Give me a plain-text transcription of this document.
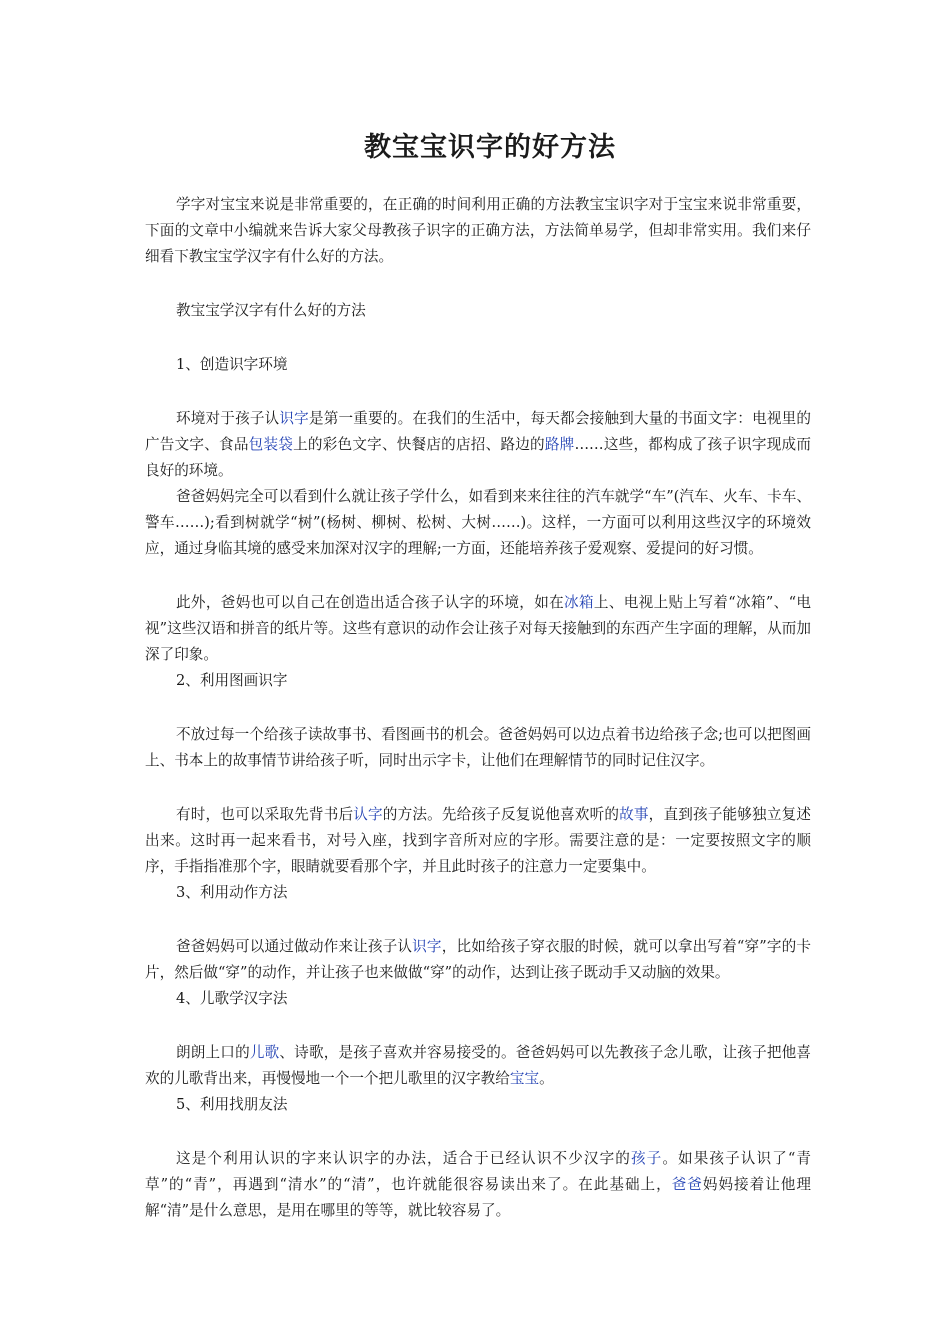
教宝宝识字的好方法

学字对宝宝来说是非常重要的，在正确的时间利用正确的方法教宝宝识字对于宝宝来说非常重要，下面的文章中小编就来告诉大家父母教孩子识字的正确方法，方法简单易学，但却非常实用。我们来仔细看下教宝宝学汉字有什么好的方法。

教宝宝学汉字有什么好的方法

1、创造识字环境

环境对于孩子认识字是第一重要的。在我们的生活中，每天都会接触到大量的书面文字：电视里的广告文字、食品包装袋上的彩色文字、快餐店的店招、路边的路牌……这些，都构成了孩子识字现成而良好的环境。

爸爸妈妈完全可以看到什么就让孩子学什么，如看到来来往往的汽车就学“车”(汽车、火车、卡车、警车……);看到树就学“树”(杨树、柳树、松树、大树……)。这样，一方面可以利用这些汉字的环境效应，通过身临其境的感受来加深对汉字的理解;一方面，还能培养孩子爱观察、爱提问的好习惯。

此外，爸妈也可以自己在创造出适合孩子认字的环境，如在冰箱上、电视上贴上写着“冰箱”、“电视”这些汉语和拼音的纸片等。这些有意识的动作会让孩子对每天接触到的东西产生字面的理解，从而加深了印象。

2、利用图画识字

不放过每一个给孩子读故事书、看图画书的机会。爸爸妈妈可以边点着书边给孩子念;也可以把图画上、书本上的故事情节讲给孩子听，同时出示字卡，让他们在理解情节的同时记住汉字。

有时，也可以采取先背书后认字的方法。先给孩子反复说他喜欢听的故事，直到孩子能够独立复述出来。这时再一起来看书，对号入座，找到字音所对应的字形。需要注意的是：一定要按照文字的顺序，手指指准那个字，眼睛就要看那个字，并且此时孩子的注意力一定要集中。

3、利用动作方法

爸爸妈妈可以通过做动作来让孩子认识字，比如给孩子穿衣服的时候，就可以拿出写着“穿”字的卡片，然后做“穿”的动作，并让孩子也来做做“穿”的动作，达到让孩子既动手又动脑的效果。

4、儿歌学汉字法

朗朗上口的儿歌、诗歌，是孩子喜欢并容易接受的。爸爸妈妈可以先教孩子念儿歌，让孩子把他喜欢的儿歌背出来，再慢慢地一个一个把儿歌里的汉字教给宝宝。

5、利用找朋友法

这是个利用认识的字来认识字的办法，适合于已经认识不少汉字的孩子。如果孩子认识了“青草”的“青”，再遇到“清水”的“清”，也许就能很容易读出来了。在此基础上，爸爸妈妈接着让他理解“清”是什么意思，是用在哪里的等等，就比较容易了。
